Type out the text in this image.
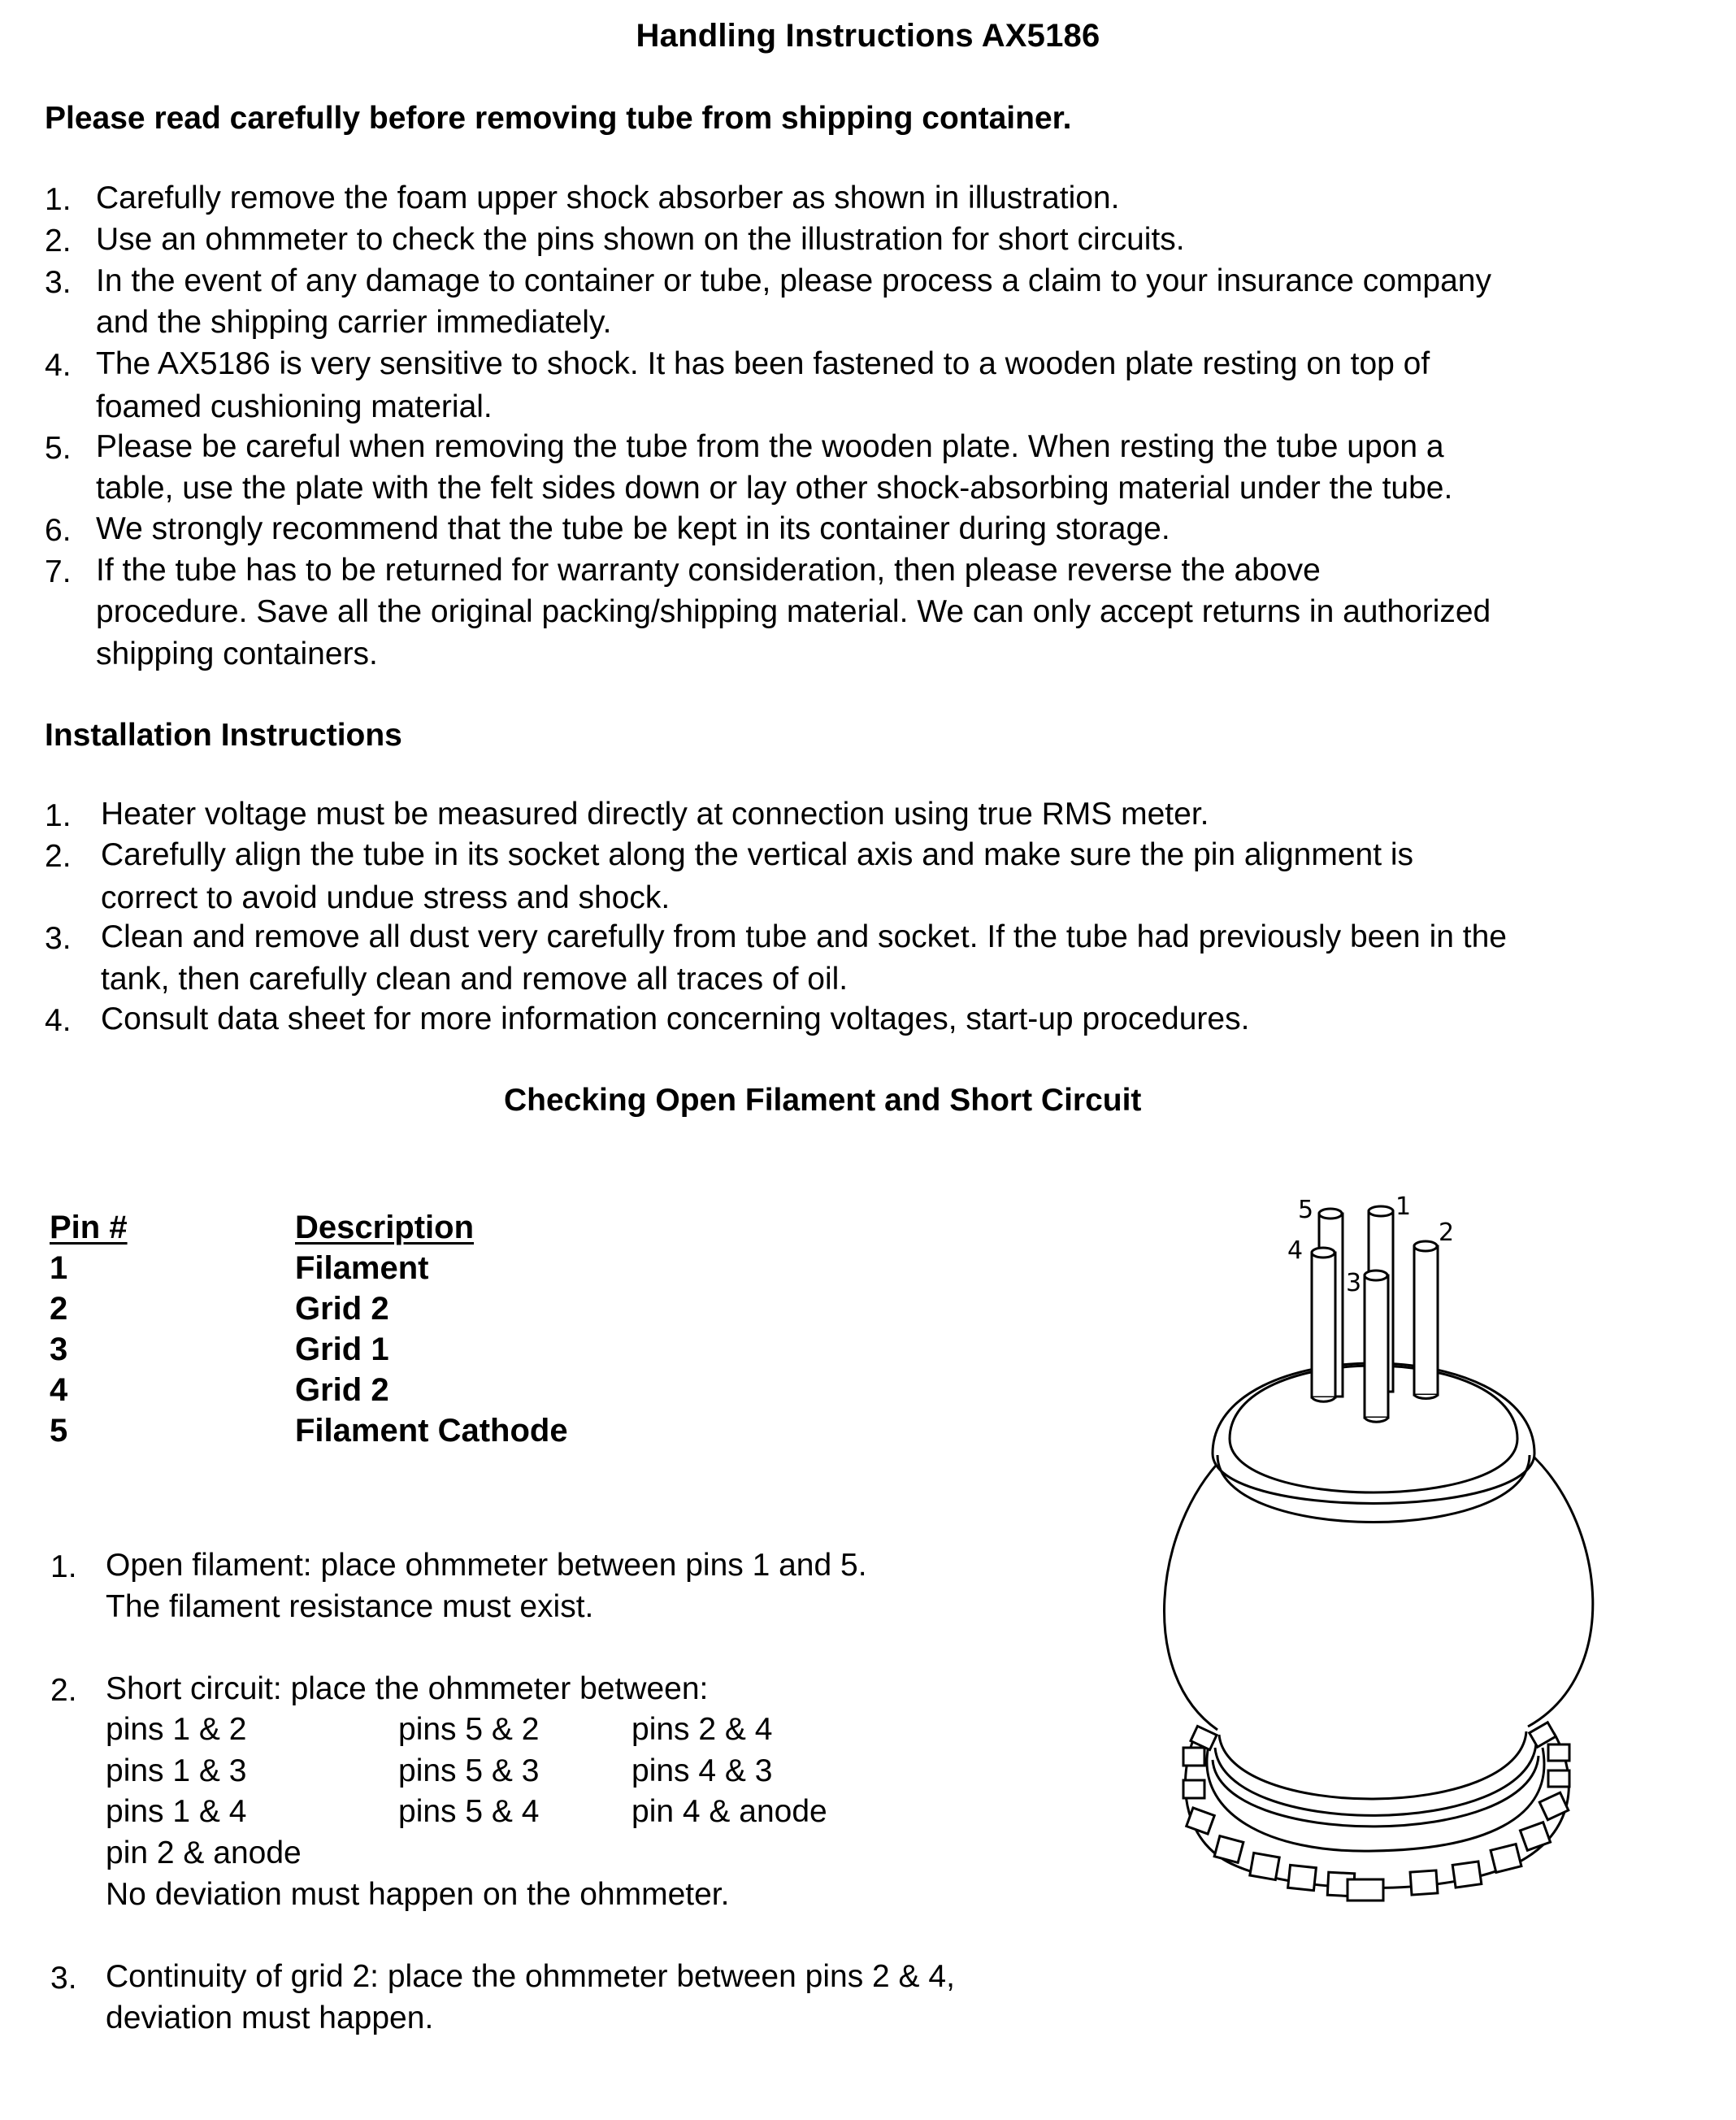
Handling Instructions AX5186
Please read carefully before removing tube from shipping container.
1. Carefully remove the foam upper shock absorber as shown in illustration.
2. Use an ohmmeter to check the pins shown on the illustration for short circuits.
3. In the event of any damage to container or tube, please process a claim to your insurance company
and the shipping carrier immediately.
4. The AX5186 is very sensitive to shock. It has been fastened to a wooden plate resting on top of
foamed cushioning material.
5. Please be careful when removing the tube from the wooden plate. When resting the tube upon a
table, use the plate with the felt sides down or lay other shock-absorbing material under the tube.
6. We strongly recommend that the tube be kept in its container during storage.
7. If the tube has to be returned for warranty consideration, then please reverse the above
procedure. Save all the original packing/shipping material. We can only accept returns in authorized
shipping containers.
Installation Instructions
1. Heater voltage must be measured directly at connection using true RMS meter.
2. Carefully align the tube in its socket along the vertical axis and make sure the pin alignment is
correct to avoid undue stress and shock.
3. Clean and remove all dust very carefully from tube and socket. If the tube had previously been in the
tank, then carefully clean and remove all traces of oil.
4. Consult data sheet for more information concerning voltages, start-up procedures.
Checking Open Filament and Short Circuit
Pin #	Description
1	Filament
2	Grid 2
3	Grid 1
4	Grid 2
5	Filament Cathode
1. Open filament: place ohmmeter between pins 1 and 5.
The filament resistance must exist.
2. Short circuit: place the ohmmeter between:
pins 1 & 2	pins 5 & 2	pins 2 & 4
pins 1 & 3	pins 5 & 3	pins 4 & 3
pins 1 & 4	pins 5 & 4	pin 4 & anode
pin 2 & anode
No deviation must happen on the ohmmeter.
3. Continuity of grid 2: place the ohmmeter between pins 2 & 4,
deviation must happen.
5	1
2
4
3
